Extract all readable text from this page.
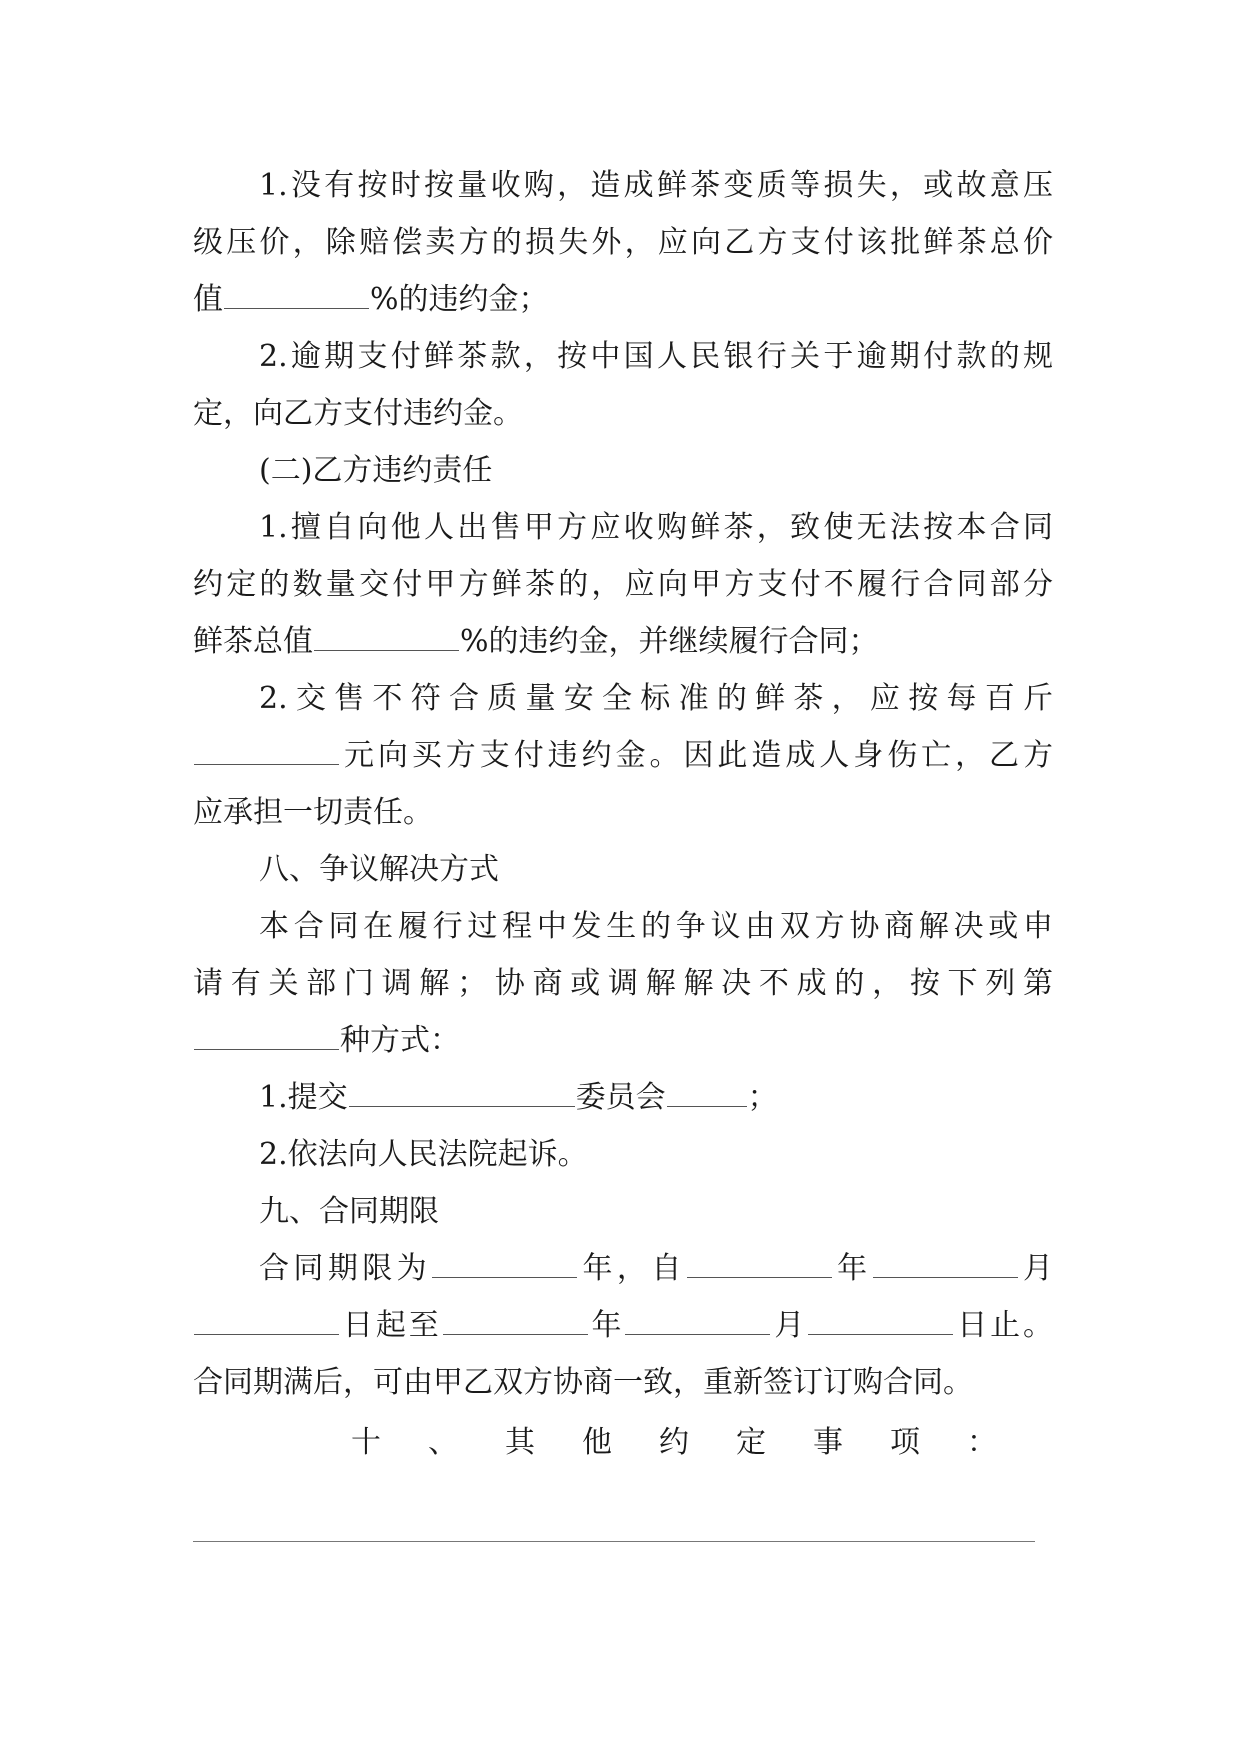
1.没有按时按量收购，造成鲜茶变质等损失，或故意压
级压价，除赔偿卖方的损失外，应向乙方支付该批鲜茶总价
值	%的违约金；
2.逾期支付鲜茶款，按中国人民银行关于逾期付款的规
定，向乙方支付违约金。
(二)乙方违约责任
1.擅自向他人出售甲方应收购鲜茶，致使无法按本合同
约定的数量交付甲方鲜茶的，应向甲方支付不履行合同部分
鲜茶总值	%的违约金，并继续履行合同；
2.交售不符合质量安全标准的鲜茶，应按每百斤
元向买方支付违约金。因此造成人身伤亡，乙方
应承担一切责任。
八、争议解决方式
本合同在履行过程中发生的争议由双方协商解决或申
请有关部门调解；协商或调解解决不成的，按下列第
种方式：
1.提交	委员会	；
2.依法向人民法院起诉。
九、合同期限
合同期限为	年，自	年	月
日起至	年	月	日止。
合同期满后，可由甲乙双方协商一致，重新签订订购合同。
十、其他约定事项：
